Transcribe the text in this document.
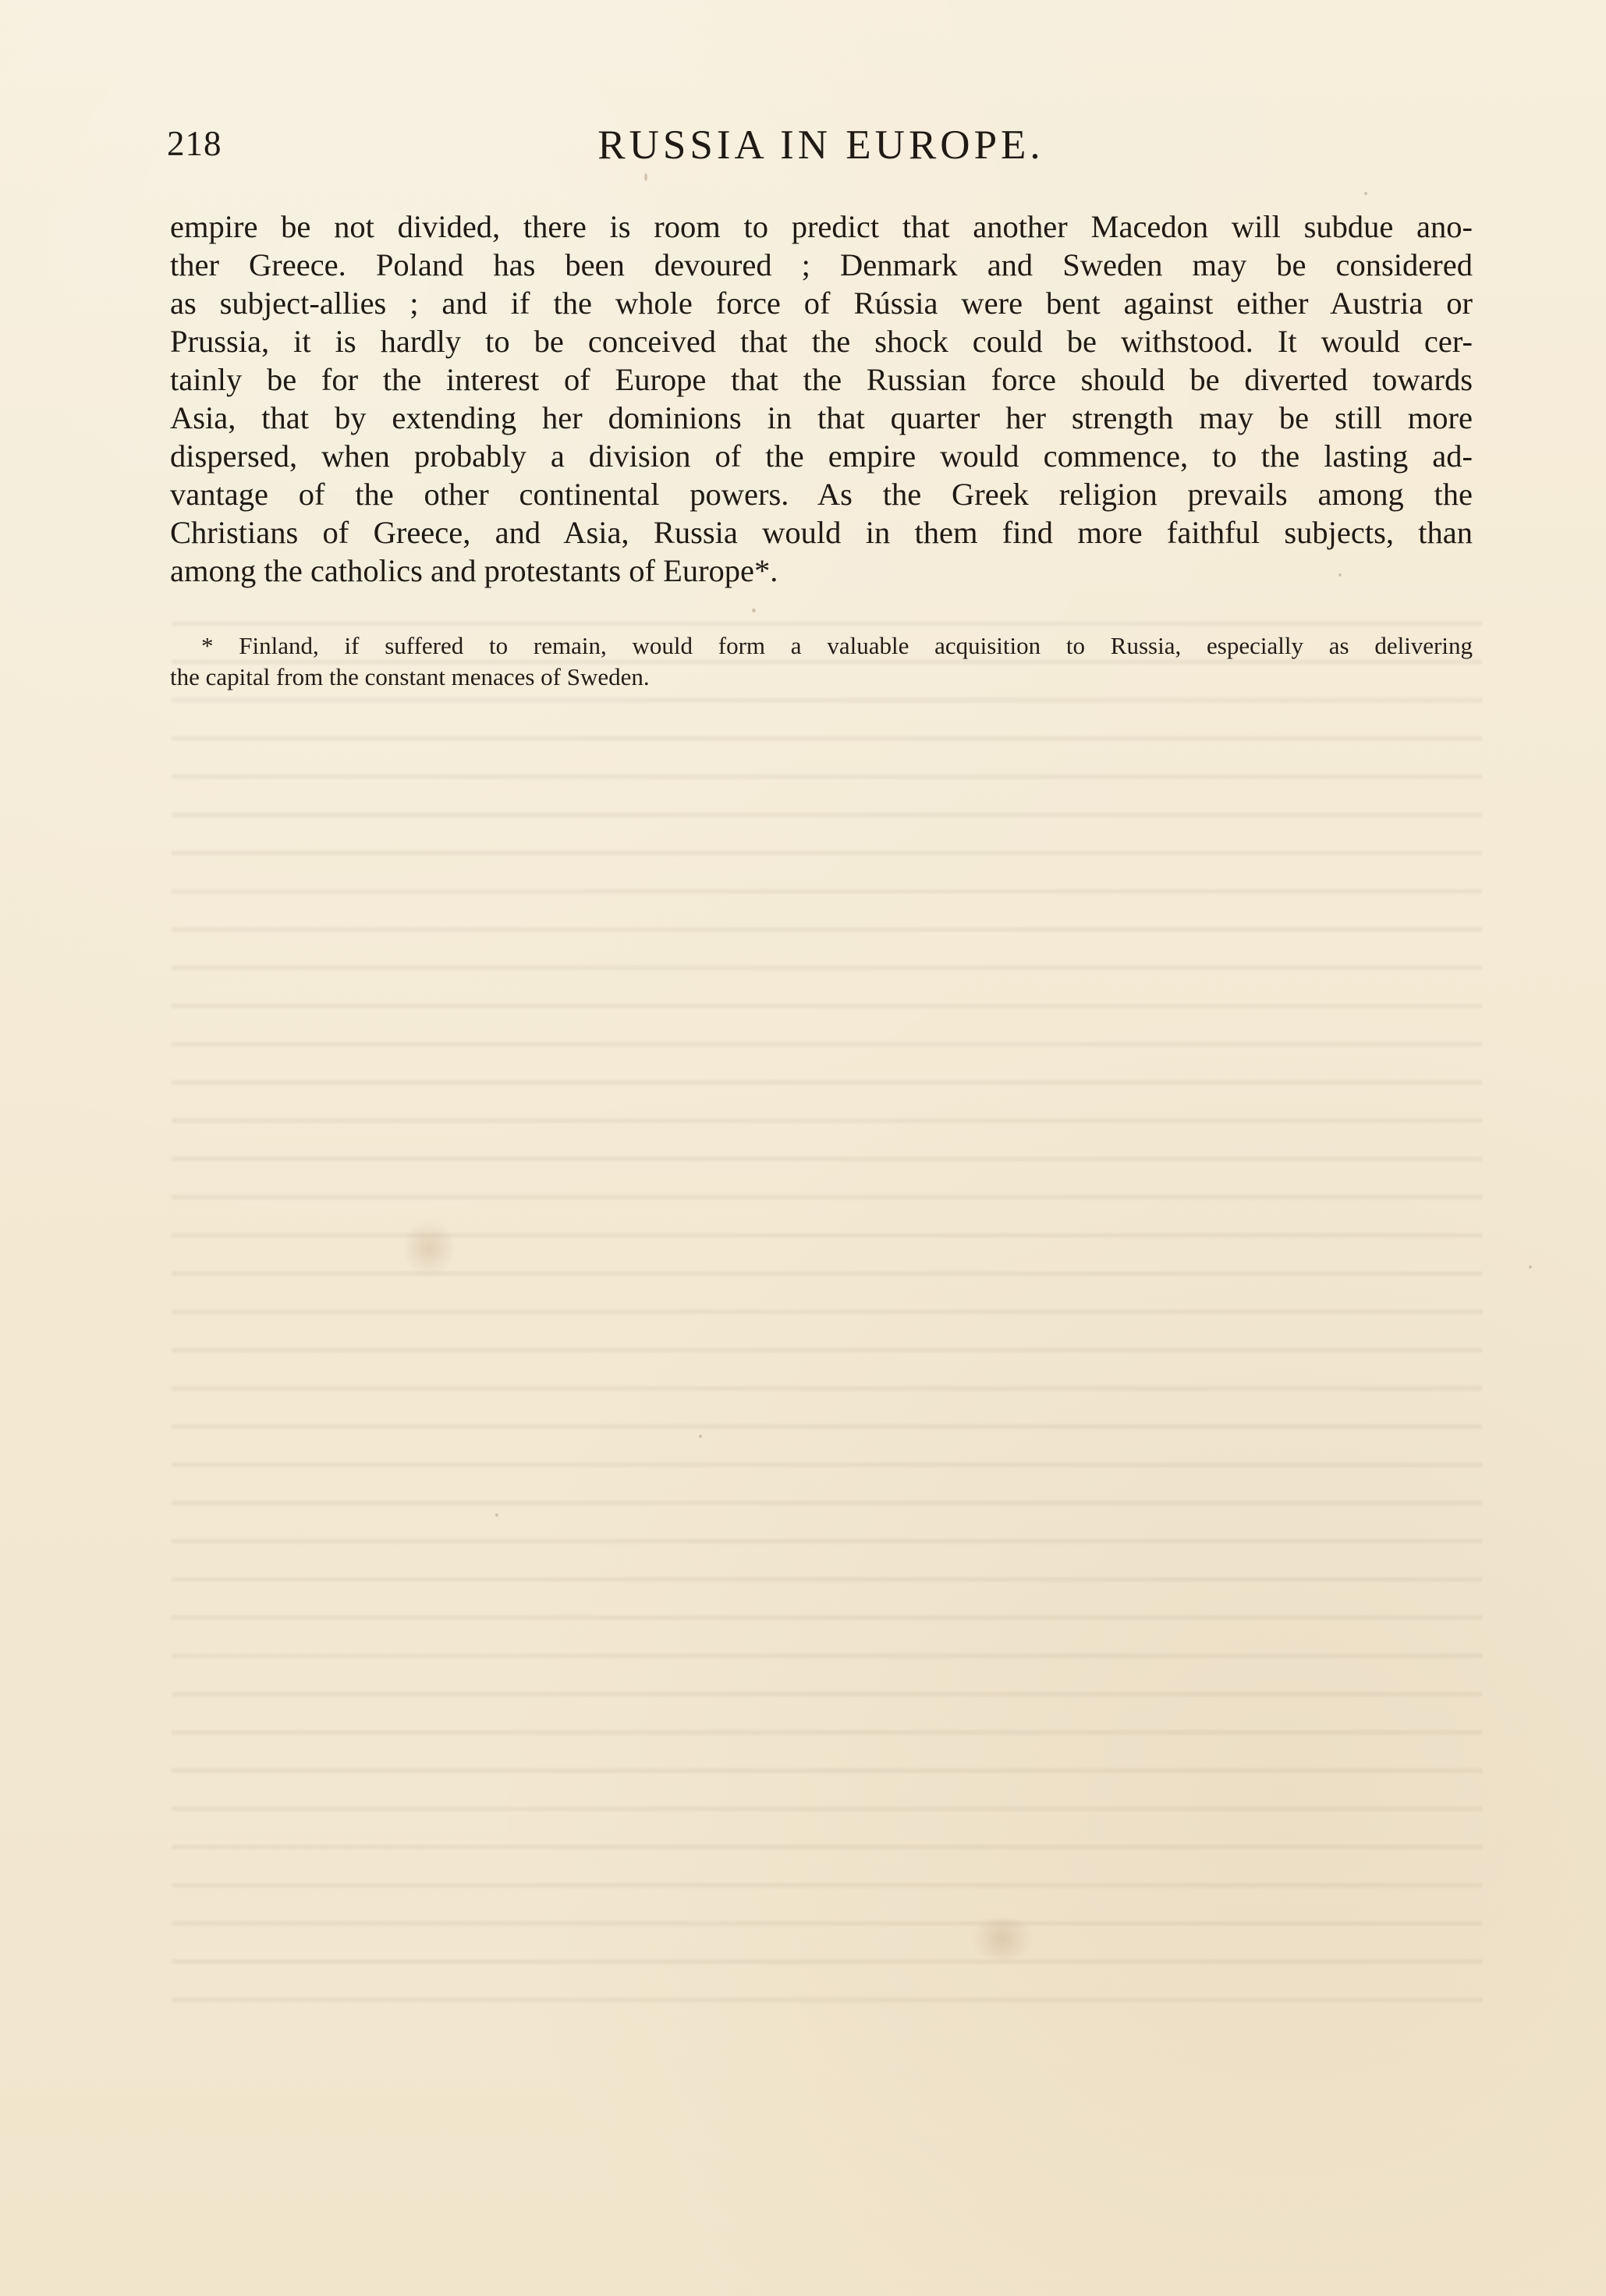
218	RUSSIA IN EUROPE.
empire be not divided, there is room to predict that another Macedon will subdue ano-
ther Greece. Poland has been devoured ; Denmark and Sweden may be considered
as subject-allies ; and if the whole force of Rússia were bent against either Austria or
Prussia, it is hardly to be conceived that the shock could be withstood. It would cer-
tainly be for the interest of Europe that the Russian force should be diverted towards
Asia, that by extending her dominions in that quarter her strength may be still more
dispersed, when probably a division of the empire would commence, to the lasting ad-
vantage of the other continental powers. As the Greek religion prevails among the
Christians of Greece, and Asia, Russia would in them find more faithful subjects, than
among the catholics and protestants of Europe*.
* Finland, if suffered to remain, would form a valuable acquisition to Russia, especially as delivering
the capital from the constant menaces of Sweden.
